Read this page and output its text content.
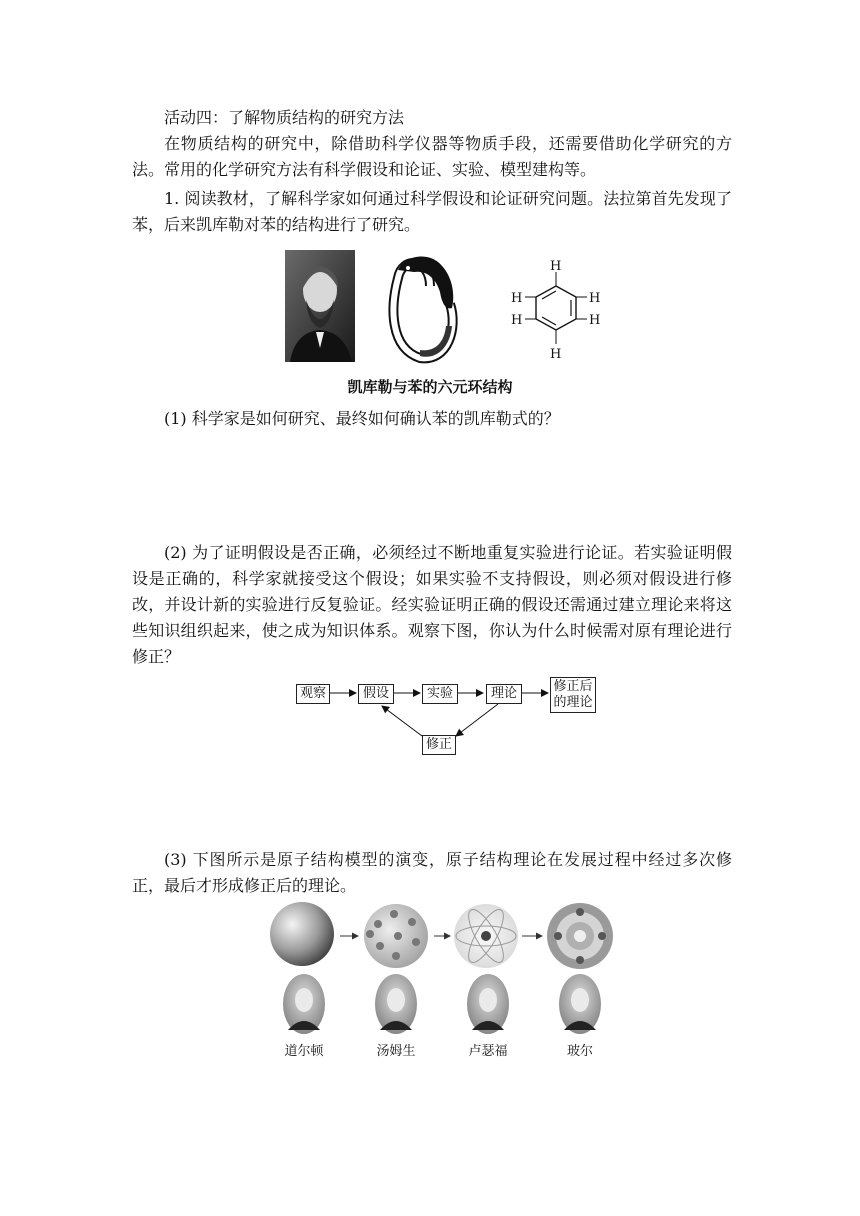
活动四：了解物质结构的研究方法

在物质结构的研究中，除借助科学仪器等物质手段，还需要借助化学研究的方法。常用的化学研究方法有科学假设和论证、实验、模型建构等。

1. 阅读教材，了解科学家如何通过科学假设和论证研究问题。法拉第首先发现了苯，后来凯库勒对苯的结构进行了研究。

H
H
H
H
H
H
凯库勒与苯的六元环结构

(1) 科学家是如何研究、最终如何确认苯的凯库勒式的？

(2) 为了证明假设是否正确，必须经过不断地重复实验进行论证。若实验证明假设是正确的，科学家就接受这个假设；如果实验不支持假设，则必须对假设进行修改，并设计新的实验进行反复验证。经实验证明正确的假设还需通过建立理论来将这些知识组织起来，使之成为知识体系。观察下图，你认为什么时候需对原有理论进行修正？

观察	假设	实验	理论	修正后
的理论
修正

(3) 下图所示是原子结构模型的演变，原子结构理论在发展过程中经过多次修正，最后才形成修正后的理论。

道尔顿	汤姆生	卢瑟福	玻尔
